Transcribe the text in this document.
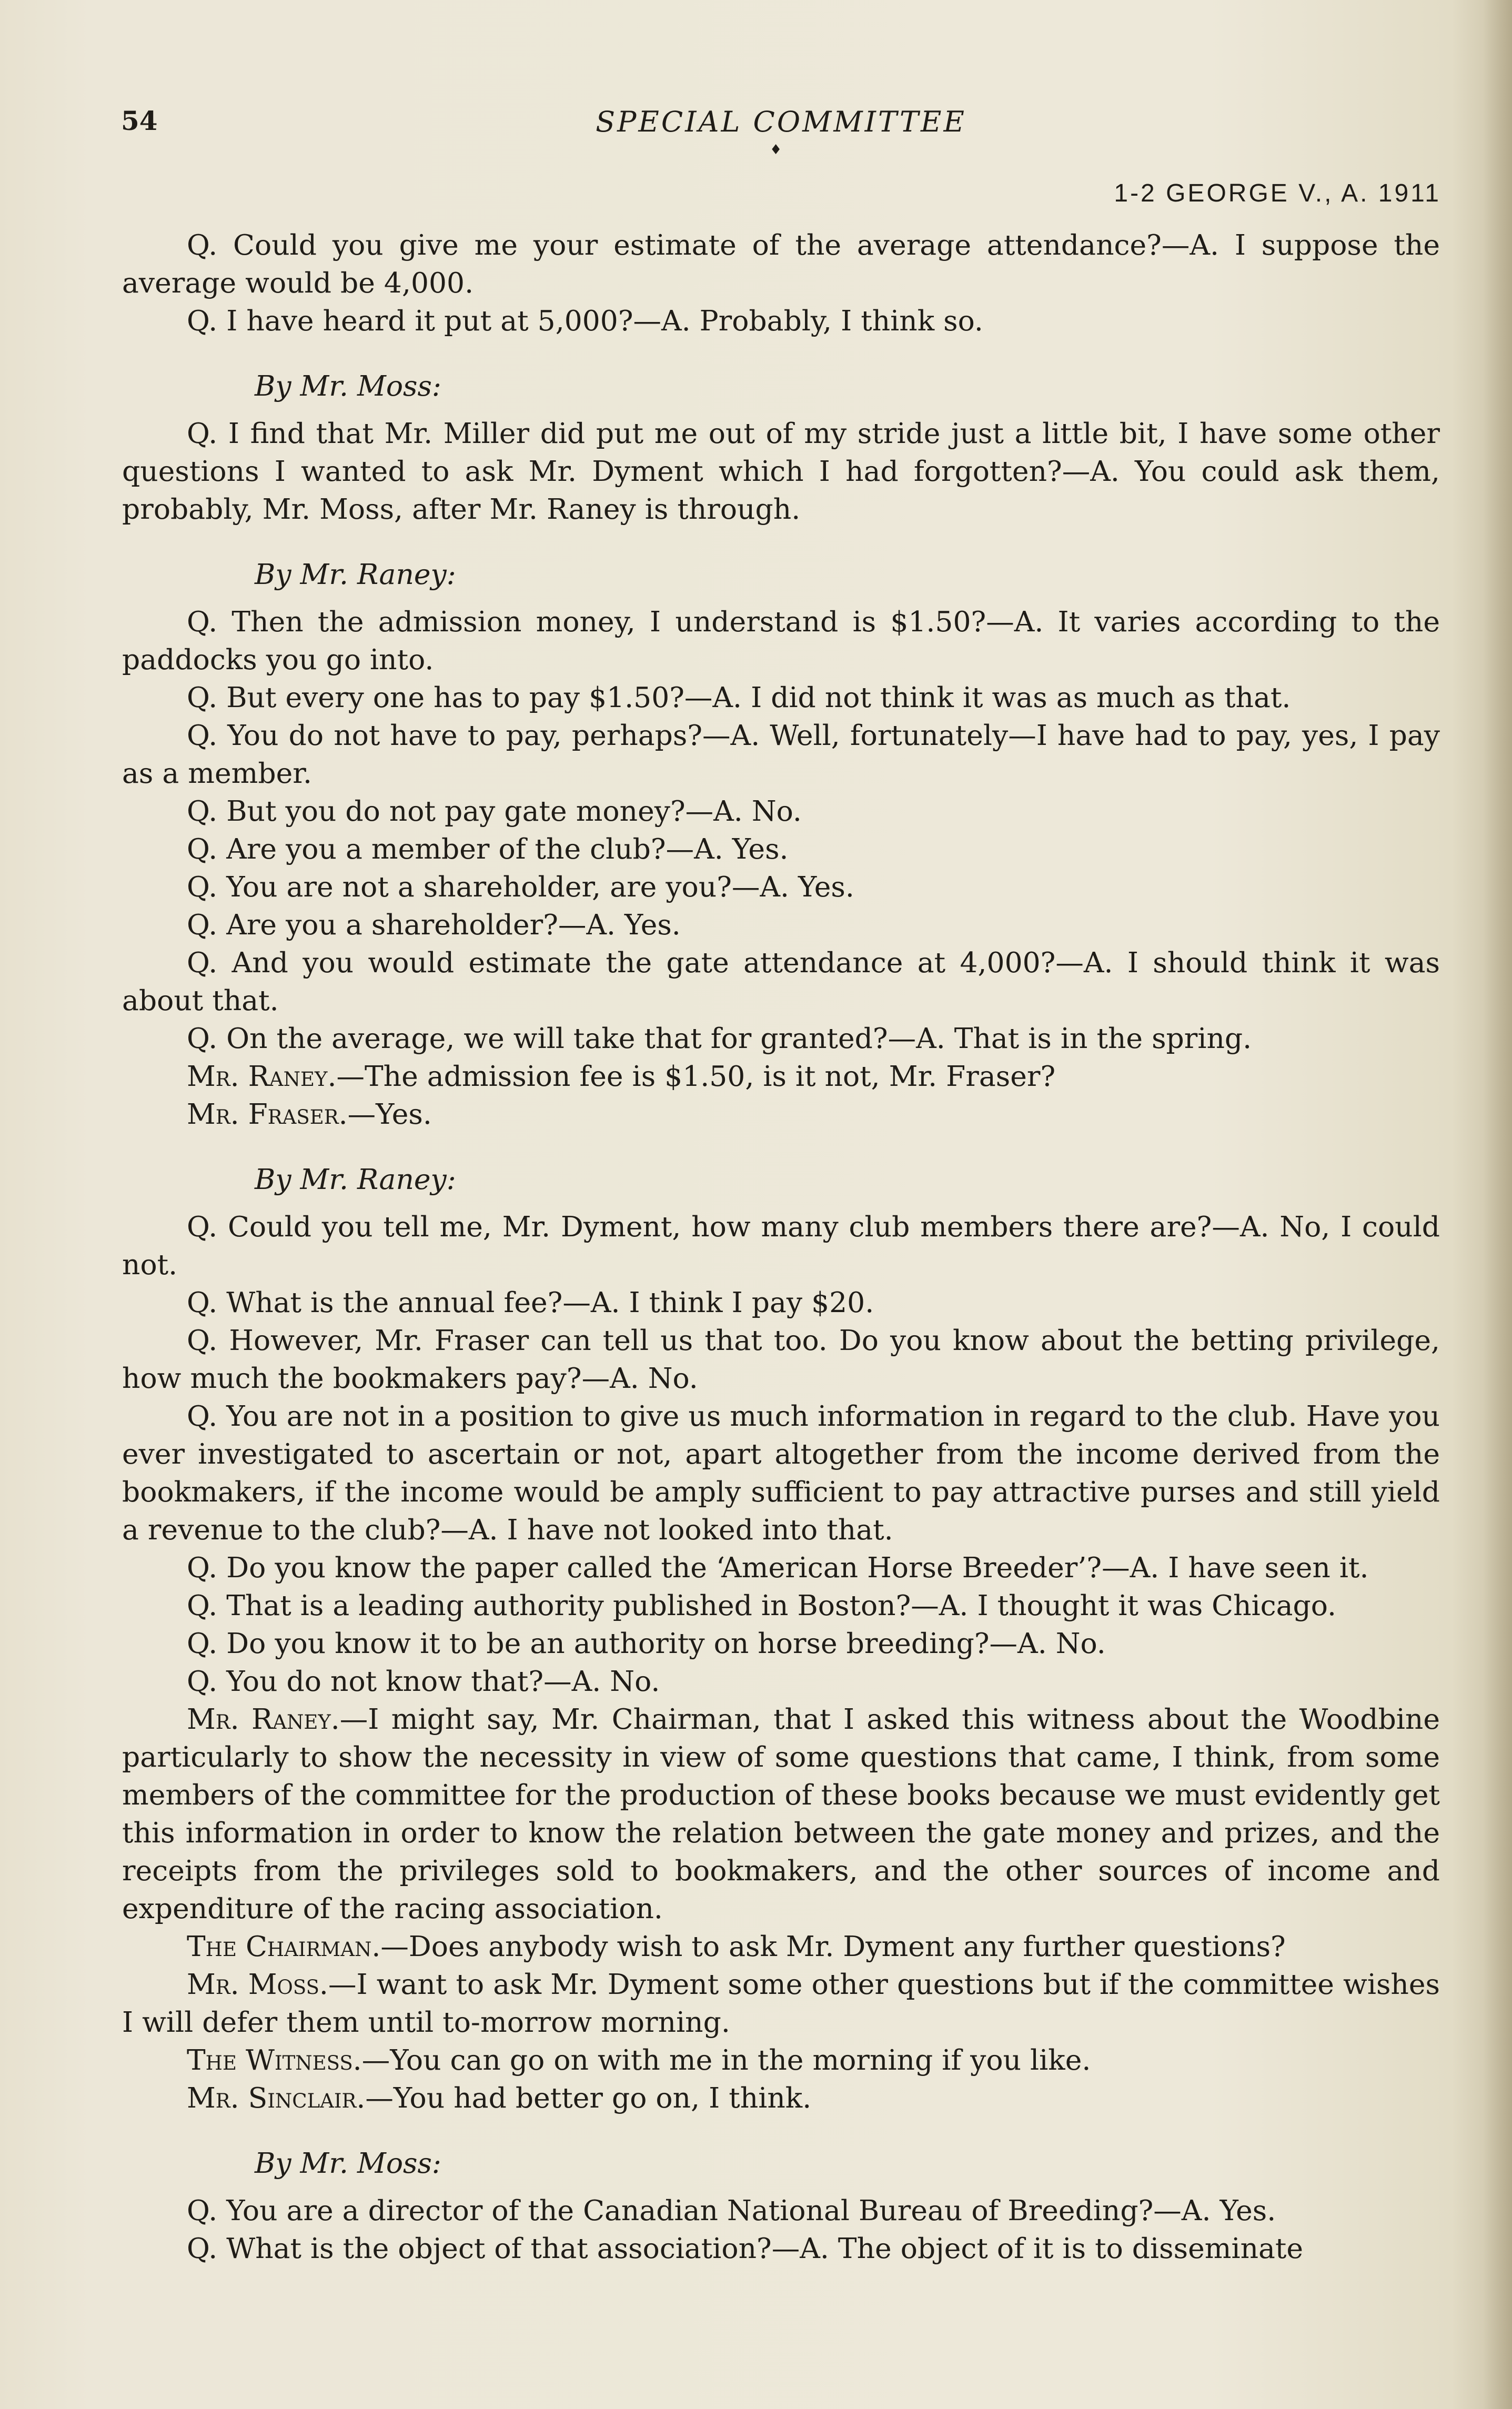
54	SPECIAL COMMITTEE
♦
1-2 GEORGE V., A. 1911

Q. Could you give me your estimate of the average attendance?—A. I suppose the average would be 4,000.

Q. I have heard it put at 5,000?—A. Probably, I think so.

By Mr. Moss:

Q. I find that Mr. Miller did put me out of my stride just a little bit, I have some other questions I wanted to ask Mr. Dyment which I had forgotten?—A. You could ask them, probably, Mr. Moss, after Mr. Raney is through.

By Mr. Raney:

Q. Then the admission money, I understand is $1.50?—A. It varies according to the paddocks you go into.

Q. But every one has to pay $1.50?—A. I did not think it was as much as that.

Q. You do not have to pay, perhaps?—A. Well, fortunately—I have had to pay, yes, I pay as a member.

Q. But you do not pay gate money?—A. No.

Q. Are you a member of the club?—A. Yes.

Q. You are not a shareholder, are you?—A. Yes.

Q. Are you a shareholder?—A. Yes.

Q. And you would estimate the gate attendance at 4,000?—A. I should think it was about that.

Q. On the average, we will take that for granted?—A. That is in the spring.

Mr. Raney.—The admission fee is $1.50, is it not, Mr. Fraser?

Mr. Fraser.—Yes.

By Mr. Raney:

Q. Could you tell me, Mr. Dyment, how many club members there are?—A. No, I could not.

Q. What is the annual fee?—A. I think I pay $20.

Q. However, Mr. Fraser can tell us that too. Do you know about the betting privilege, how much the bookmakers pay?—A. No.

Q. You are not in a position to give us much information in regard to the club. Have you ever investigated to ascertain or not, apart altogether from the income derived from the bookmakers, if the income would be amply sufficient to pay attractive purses and still yield a revenue to the club?—A. I have not looked into that.

Q. Do you know the paper called the ‘American Horse Breeder’?—A. I have seen it.

Q. That is a leading authority published in Boston?—A. I thought it was Chicago.

Q. Do you know it to be an authority on horse breeding?—A. No.

Q. You do not know that?—A. No.

Mr. Raney.—I might say, Mr. Chairman, that I asked this witness about the Woodbine particularly to show the necessity in view of some questions that came, I think, from some members of the committee for the production of these books because we must evidently get this information in order to know the relation between the gate money and prizes, and the receipts from the privileges sold to bookmakers, and the other sources of income and expenditure of the racing association.

The Chairman.—Does anybody wish to ask Mr. Dyment any further questions?

Mr. Moss.—I want to ask Mr. Dyment some other questions but if the committee wishes I will defer them until to-morrow morning.

The Witness.—You can go on with me in the morning if you like.

Mr. Sinclair.—You had better go on, I think.

By Mr. Moss:

Q. You are a director of the Canadian National Bureau of Breeding?—A. Yes.

Q. What is the object of that association?—A. The object of it is to disseminate
